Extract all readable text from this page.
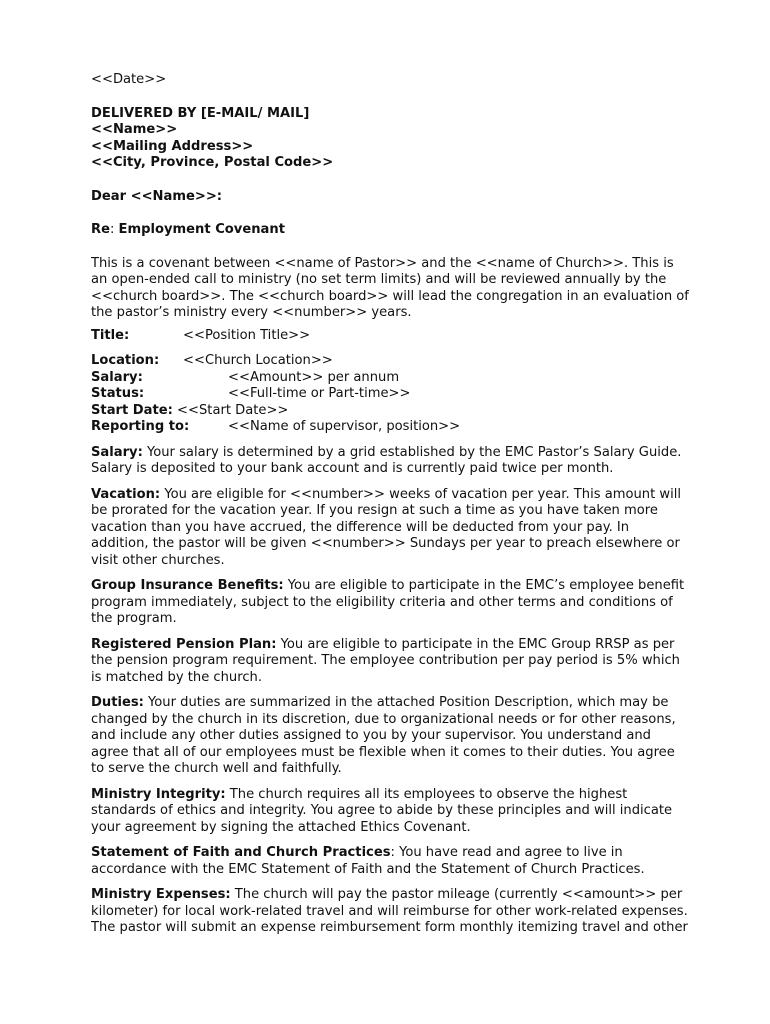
<<Date>>
DELIVERED BY [E-MAIL/ MAIL]
<<Name>>
<<Mailing Address>>
<<City, Province, Postal Code>>
Dear <<Name>>:
Re: Employment Covenant
This is a covenant between <<name of Pastor>> and the <<name of Church>>. This is
an open-ended call to ministry (no set term limits) and will be reviewed annually by the
<<church board>>. The <<church board>> will lead the congregation in an evaluation of
the pastor’s ministry every <<number>> years.
Title:	<<Position Title>>
Location: <<Church Location>>
Salary:	<<Amount>> per annum
Status:	<<Full-time or Part-time>>
Start Date: <<Start Date>>
Reporting to:	<<Name of supervisor, position>>
Salary: Your salary is determined by a grid established by the EMC Pastor’s Salary Guide.
Salary is deposited to your bank account and is currently paid twice per month.
Vacation: You are eligible for <<number>> weeks of vacation per year. This amount will
be prorated for the vacation year. If you resign at such a time as you have taken more
vacation than you have accrued, the difference will be deducted from your pay. In
addition, the pastor will be given <<number>> Sundays per year to preach elsewhere or
visit other churches.
Group Insurance Benefits: You are eligible to participate in the EMC’s employee benefit
program immediately, subject to the eligibility criteria and other terms and conditions of
the program.
Registered Pension Plan: You are eligible to participate in the EMC Group RRSP as per
the pension program requirement. The employee contribution per pay period is 5% which
is matched by the church.
Duties: Your duties are summarized in the attached Position Description, which may be
changed by the church in its discretion, due to organizational needs or for other reasons,
and include any other duties assigned to you by your supervisor. You understand and
agree that all of our employees must be flexible when it comes to their duties. You agree
to serve the church well and faithfully.
Ministry Integrity: The church requires all its employees to observe the highest
standards of ethics and integrity. You agree to abide by these principles and will indicate
your agreement by signing the attached Ethics Covenant.
Statement of Faith and Church Practices: You have read and agree to live in
accordance with the EMC Statement of Faith and the Statement of Church Practices.
Ministry Expenses: The church will pay the pastor mileage (currently <<amount>> per
kilometer) for local work-related travel and will reimburse for other work-related expenses.
The pastor will submit an expense reimbursement form monthly itemizing travel and other
